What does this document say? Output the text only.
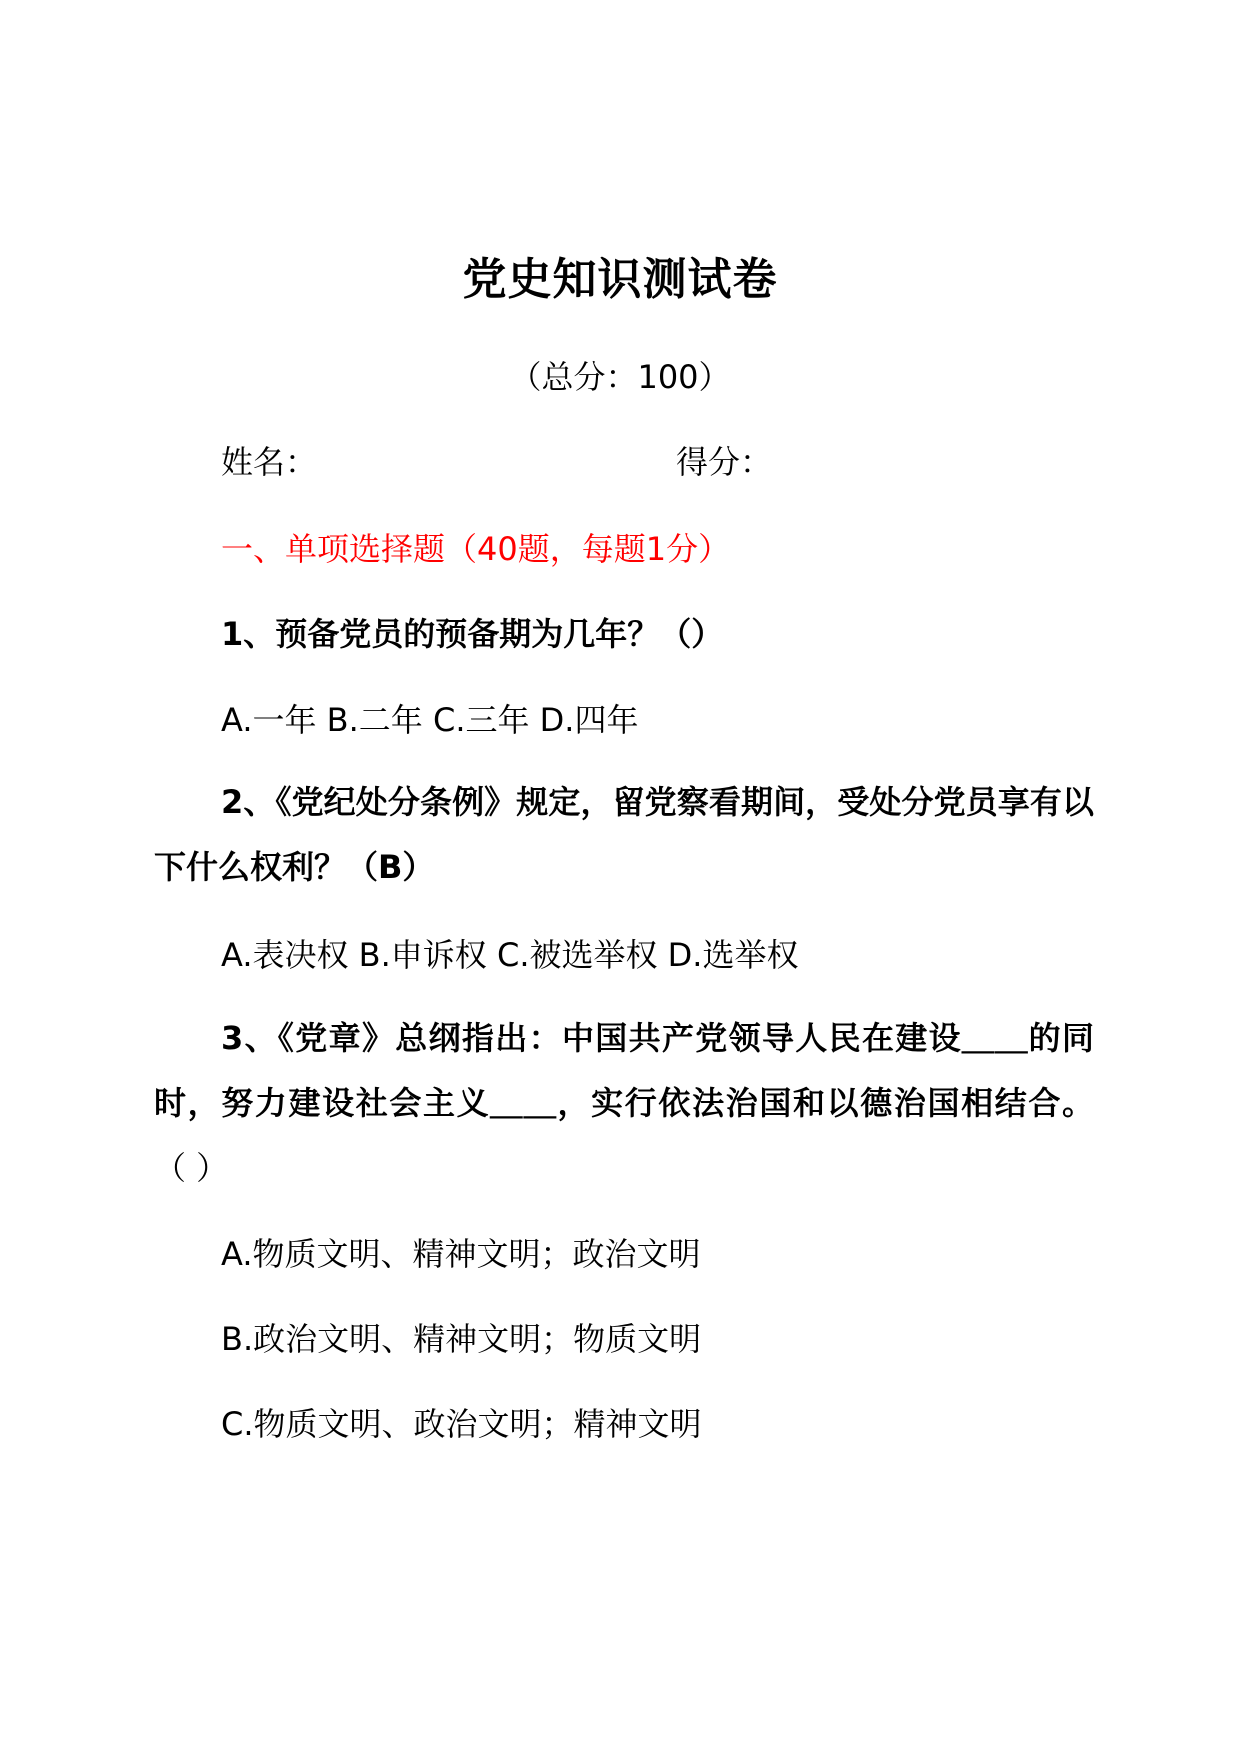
党史知识测试卷
（总分：100）
姓名：	得分：
一、单项选择题（40题，每题1分）
1、预备党员的预备期为几年？（）
A.一年 B.二年 C.三年 D.四年
2、《党纪处分条例》规定，留党察看期间，受处分党员享有以下什么权利？（B）
A.表决权 B.申诉权 C.被选举权 D.选举权
3、《党章》总纲指出：中国共产党领导人民在建设＿＿的同时，努力建设社会主义＿＿，实行依法治国和以德治国相结合。（ ）
A.物质文明、精神文明；政治文明
B.政治文明、精神文明；物质文明
C.物质文明、政治文明；精神文明
